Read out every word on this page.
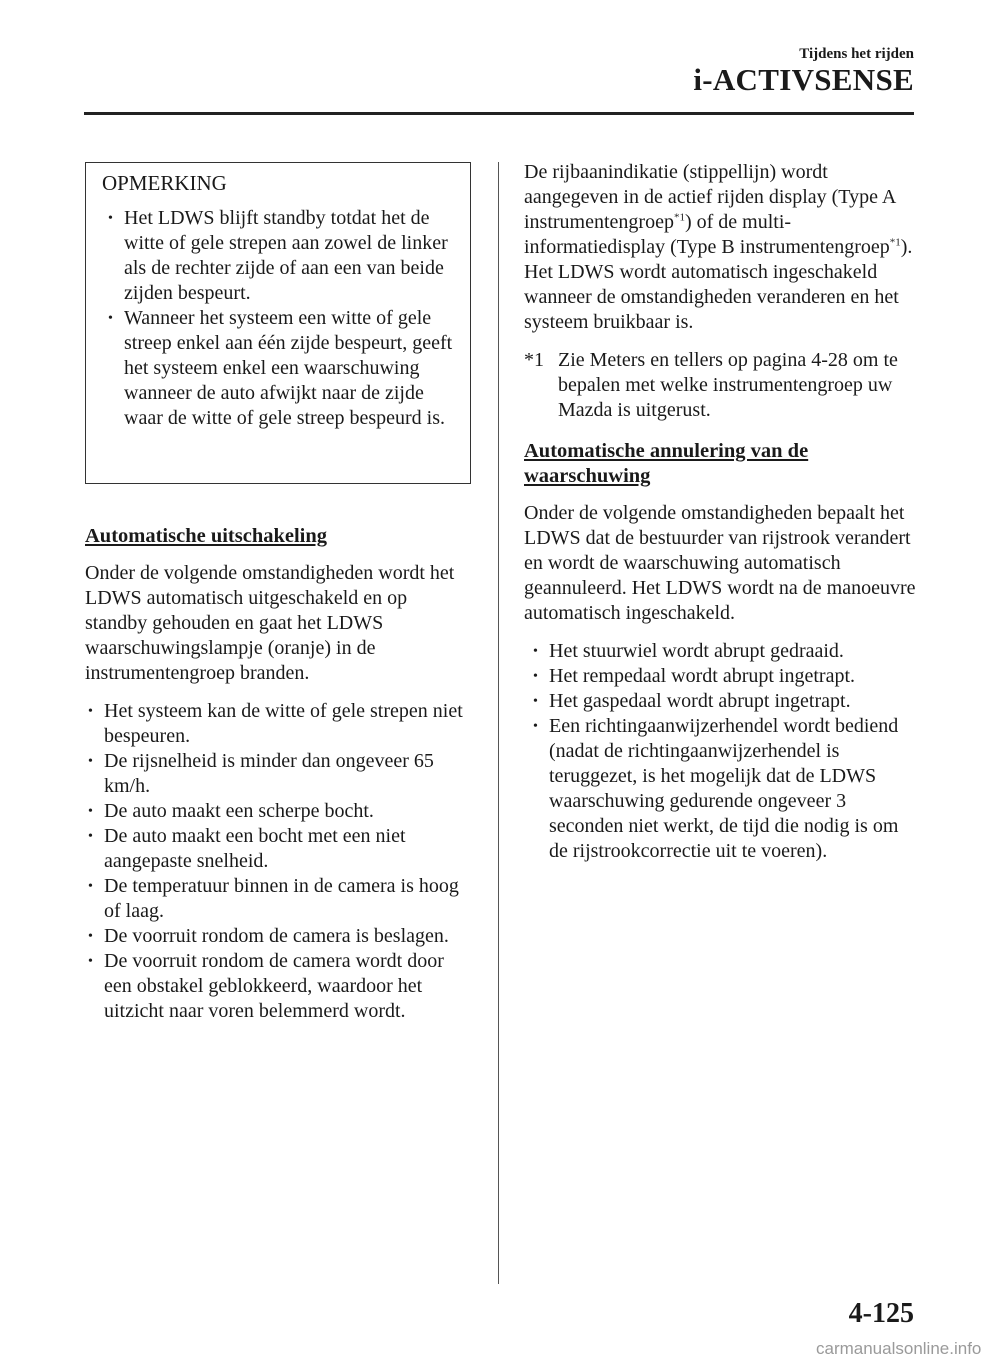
Tijdens het rijden
i-ACTIVSENSE
OPMERKING
• Het LDWS blijft standby totdat het de witte of gele strepen aan zowel de linker als de rechter zijde of aan een van beide zijden bespeurt.
• Wanneer het systeem een witte of gele streep enkel aan één zijde bespeurt, geeft het systeem enkel een waarschuwing wanneer de auto afwijkt naar de zijde waar de witte of gele streep bespeurd is.
Automatische uitschakeling

Onder de volgende omstandigheden wordt het LDWS automatisch uitgeschakeld en op standby gehouden en gaat het LDWS waarschuwingslampje (oranje) in de instrumentengroep branden.

• Het systeem kan de witte of gele strepen niet bespeuren.
• De rijsnelheid is minder dan ongeveer 65 km/h.
• De auto maakt een scherpe bocht.
• De auto maakt een bocht met een niet aangepaste snelheid.
• De temperatuur binnen in de camera is hoog of laag.
• De voorruit rondom de camera is beslagen.
• De voorruit rondom de camera wordt door een obstakel geblokkeerd, waardoor het uitzicht naar voren belemmerd wordt.

De rijbaanindikatie (stippellijn) wordt aangegeven in de actief rijden display (Type A instrumentengroep$^{*1}$) of de multi-informatiedisplay (Type B instrumentengroep$^{*1}$).

Het LDWS wordt automatisch ingeschakeld wanneer de omstandigheden veranderen en het systeem bruikbaar is.

*1 Zie Meters en tellers op pagina 4-28 om te bepalen met welke instrumentengroep uw Mazda is uitgerust.
Automatische annulering van de waarschuwing

Onder de volgende omstandigheden bepaalt het LDWS dat de bestuurder van rijstrook verandert en wordt de waarschuwing automatisch geannuleerd. Het LDWS wordt na de manoeuvre automatisch ingeschakeld.

• Het stuurwiel wordt abrupt gedraaid.
• Het rempedaal wordt abrupt ingetrapt.
• Het gaspedaal wordt abrupt ingetrapt.
• Een richtingaanwijzerhendel wordt bediend (nadat de richtingaanwijzerhendel is teruggezet, is het mogelijk dat de LDWS waarschuwing gedurende ongeveer 3 seconden niet werkt, de tijd die nodig is om de rijstrookcorrectie uit te voeren).
4-125
carmanualsonline.info
